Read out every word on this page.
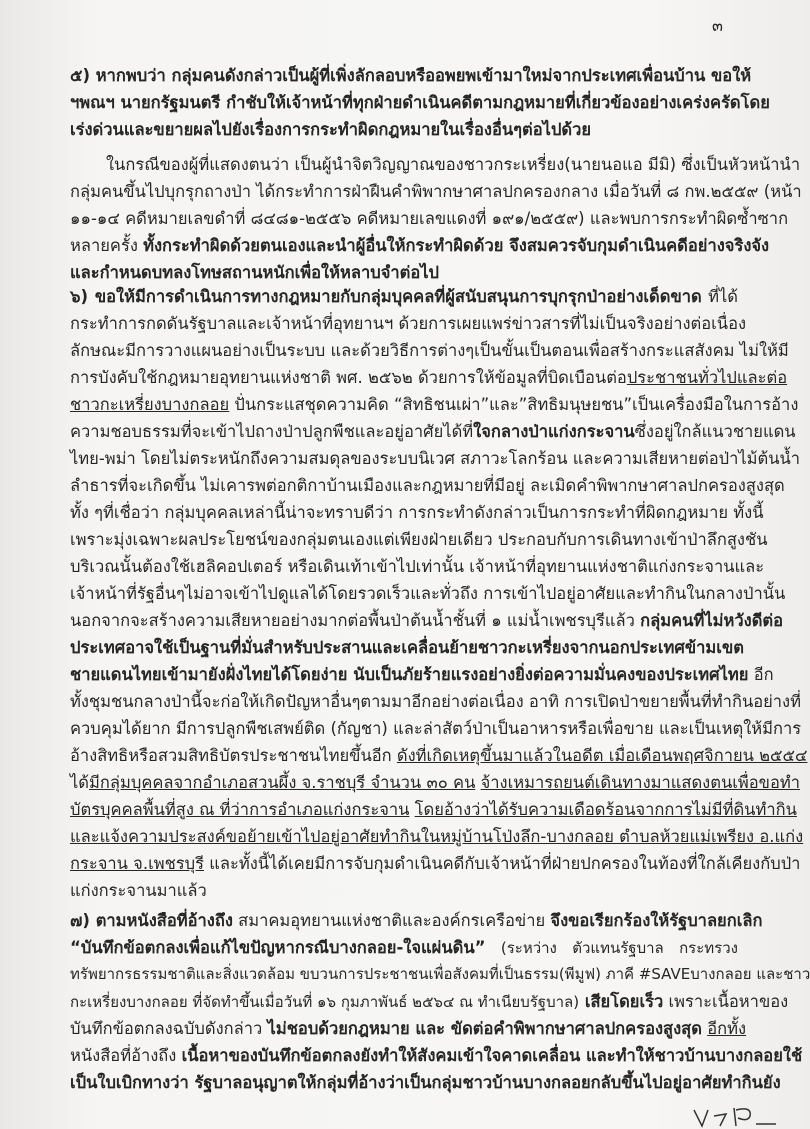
๓
๕) หากพบว่า กลุ่มคนดังกล่าวเป็นผู้ที่เพิ่งลักลอบหรืออพยพเข้ามาใหม่จากประเทศเพื่อนบ้าน ขอให้
ฯพณฯ นายกรัฐมนตรี กำชับให้เจ้าหน้าที่ทุกฝ่ายดำเนินคดีตามกฎหมายที่เกี่ยวข้องอย่างเคร่งครัดโดย
เร่งด่วนและขยายผลไปยังเรื่องการกระทำผิดกฎหมายในเรื่องอื่นๆต่อไปด้วย
ในกรณีของผู้ที่แสดงตนว่า เป็นผู้นำจิตวิญญาณของชาวกระเหรี่ยง(นายนอแอ มีมิ) ซึ่งเป็นหัวหน้านำ
กลุ่มคนขึ้นไปบุกรุกถางป่า ได้กระทำการฝ่าฝืนคำพิพากษาศาลปกครองกลาง เมื่อวันที่ ๘ กพ.๒๕๕๙ (หน้า
๑๑-๑๔ คดีหมายเลขดำที่ ๘๔๘๑-๒๕๕๖ คดีหมายเลขแดงที่ ๑๙๑/๒๕๕๙) และพบการกระทำผิดซ้ำซาก
หลายครั้ง ทั้งกระทำผิดด้วยตนเองและนำผู้อื่นให้กระทำผิดด้วย จึงสมควรจับกุมดำเนินคดีอย่างจริงจัง
และกำหนดบทลงโทษสถานหนักเพื่อให้หลาบจำต่อไป
๖) ขอให้มีการดำเนินการทางกฎหมายกับกลุ่มบุคคลที่ผู้สนับสนุนการบุกรุกป่าอย่างเด็ดขาด ที่ได้
กระทำการกดดันรัฐบาลและเจ้าหน้าที่อุทยานฯ ด้วยการเผยแพร่ข่าวสารที่ไม่เป็นจริงอย่างต่อเนื่อง
ลักษณะมีการวางแผนอย่างเป็นระบบ และด้วยวิธีการต่างๆเป็นขั้นเป็นตอนเพื่อสร้างกระแสสังคม ไม่ให้มี
การบังคับใช้กฎหมายอุทยานแห่งชาติ พศ. ๒๕๖๒ ด้วยการให้ข้อมูลที่บิดเบือนต่อประชาชนทั่วไปและต่อ
ชาวกะเหรี่ยงบางกลอย ปั่นกระแสชุดความคิด “สิทธิชนเผ่า”และ”สิทธิมนุษยชน”เป็นเครื่องมือในการอ้าง
ความชอบธรรมที่จะเข้าไปถางป่าปลูกพืชและอยู่อาศัยได้ที่ใจกลางป่าแก่งกระจานซึ่งอยู่ใกล้แนวชายแดน
ไทย-พม่า โดยไม่ตระหนักถึงความสมดุลของระบบนิเวศ สภาวะโลกร้อน และความเสียหายต่อป่าไม้ต้นน้ำ
ลำธารที่จะเกิดขึ้น ไม่เคารพต่อกติกาบ้านเมืองและกฎหมายที่มีอยู่ ละเมิดคำพิพากษาศาลปกครองสูงสุด
ทั้ง ๆที่เชื่อว่า กลุ่มบุคคลเหล่านี้น่าจะทราบดีว่า การกระทำดังกล่าวเป็นการกระทำที่ผิดกฎหมาย ทั้งนี้
เพราะมุ่งเฉพาะผลประโยชน์ของกลุ่มตนเองแต่เพียงฝ่ายเดียว ประกอบกับการเดินทางเข้าป่าลึกสูงชัน
บริเวณนั้นต้องใช้เฮลิคอปเตอร์ หรือเดินเท้าเข้าไปเท่านั้น เจ้าหน้าที่อุทยานแห่งชาติแก่งกระจานและ
เจ้าหน้าที่รัฐอื่นๆไม่อาจเข้าไปดูแลได้โดยรวดเร็วและทั่วถึง การเข้าไปอยู่อาศัยและทำกินในกลางป่านั้น
นอกจากจะสร้างความเสียหายอย่างมากต่อพื้นป่าต้นน้ำชั้นที่ ๑ แม่น้ำเพชรบุรีแล้ว กลุ่มคนที่ไม่หวังดีต่อ
ประเทศอาจใช้เป็นฐานที่มั่นสำหรับประสานและเคลื่อนย้ายชาวกะเหรี่ยงจากนอกประเทศข้ามเขต
ชายแดนไทยเข้ามายังฝั่งไทยได้โดยง่าย นับเป็นภัยร้ายแรงอย่างยิ่งต่อความมั่นคงของประเทศไทย อีก
ทั้งชุมชนกลางป่านี้จะก่อให้เกิดปัญหาอื่นๆตามมาอีกอย่างต่อเนื่อง อาทิ การเปิดป่าขยายพื้นที่ทำกินอย่างที่
ควบคุมได้ยาก มีการปลูกพืชเสพย์ติด (กัญชา) และล่าสัตว์ป่าเป็นอาหารหรือเพื่อขาย และเป็นเหตุให้มีการ
อ้างสิทธิหรือสวมสิทธิบัตรประชาชนไทยขึ้นอีก ดังที่เกิดเหตุขึ้นมาแล้วในอดีต เมื่อเดือนพฤศจิกายน ๒๕๕๔
ได้มีกลุ่มบุคคลจากอำเภอสวนผึ้ง จ.ราชบุรี จำนวน ๓๐ คน จ้างเหมารถยนต์เดินทางมาแสดงตนเพื่อขอทำ
บัตรบุคคลพื้นที่สูง ณ ที่ว่าการอำเภอแก่งกระจาน โดยอ้างว่าได้รับความเดือดร้อนจากการไม่มีที่ดินทำกิน
และแจ้งความประสงค์ขอย้ายเข้าไปอยู่อาศัยทำกินในหมู่บ้านโป่งลึก-บางกลอย ตำบลห้วยแม่เพรียง อ.แก่ง
กระจาน จ.เพชรบุรี และทั้งนี้ได้เคยมีการจับกุมดำเนินคดีกับเจ้าหน้าที่ฝ่ายปกครองในท้องที่ใกล้เคียงกับป่า
แก่งกระจานมาแล้ว
๗) ตามหนังสือที่อ้างถึง สมาคมอุทยานแห่งชาติและองค์กรเครือข่าย จึงขอเรียกร้องให้รัฐบาลยกเลิก
“บันทึกข้อตกลงเพื่อแก้ไขปัญหากรณีบางกลอย-ใจแผ่นดิน” (ระหว่าง ตัวแทนรัฐบาล กระทรวง
ทรัพยากรธรรมชาติและสิ่งแวดล้อม ขบวนการประชาชนเพื่อสังคมที่เป็นธรรม(พีมูฟ) ภาคี #SAVEบางกลอย และชาว
กะเหรี่ยงบางกลอย ที่จัดทำขึ้นเมื่อวันที่ ๑๖ กุมภาพันธ์ ๒๕๖๔ ณ ทำเนียบรัฐบาล) เสียโดยเร็ว เพราะเนื้อหาของ
บันทึกข้อตกลงฉบับดังกล่าว ไม่ชอบด้วยกฎหมาย และ ขัดต่อคำพิพากษาศาลปกครองสูงสุด อีกทั้ง
หนังสือที่อ้างถึง เนื้อหาของบันทึกข้อตกลงยังทำให้สังคมเข้าใจคาดเคลื่อน และทำให้ชาวบ้านบางกลอยใช้
เป็นใบเบิกทางว่า รัฐบาลอนุญาตให้กลุ่มที่อ้างว่าเป็นกลุ่มชาวบ้านบางกลอยกลับขึ้นไปอยู่อาศัยทำกินยัง
